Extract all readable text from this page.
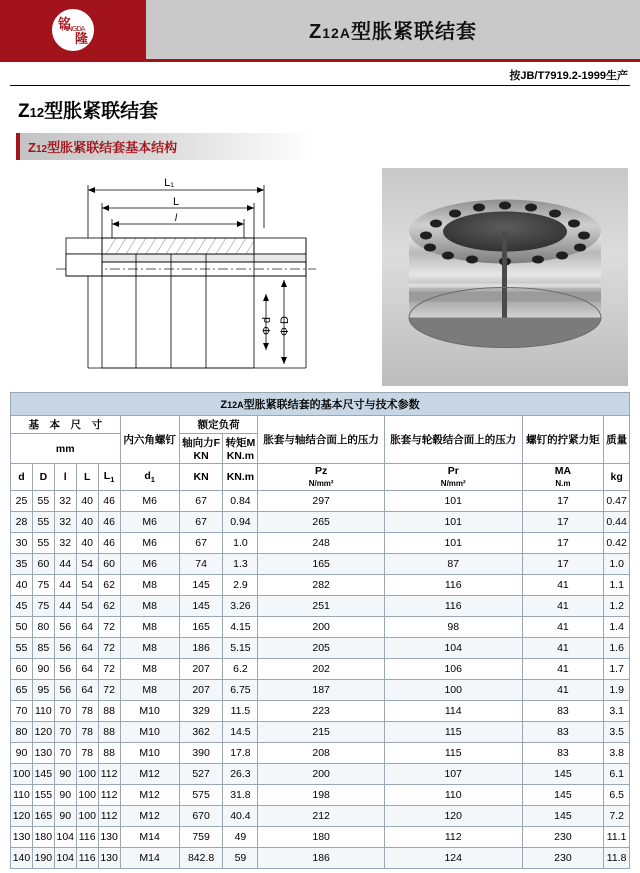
MINGDA
铭
隆	Z12A型胀紧联结套
按JB/T7919.2-1999生产
Z12型胀紧联结套
Z12型胀紧联结套基本结构
L₁
L
l
Φ D
Φ d
Z12A型胀紧联结套的基本尺寸与技术参数											
基　本　尺　寸					内六角螺钉	额定负荷		胀套与轴结合面上的压力	胀套与轮毂结合面上的压力	螺钉的拧紧力矩	质量
mm						轴向力F
KN	转矩M
KN.m				
d	D	l	L	$L_1$	$d_1$	KN	KN.m	Pz
N/mm²	Pr
N/mm²	MA
N.m	kg
25	55	32	40	46	M6	67	0.84	297	101	17	0.47
28	55	32	40	46	M6	67	0.94	265	101	17	0.44
30	55	32	40	46	M6	67	1.0	248	101	17	0.42
35	60	44	54	60	M6	74	1.3	165	87	17	1.0
40	75	44	54	62	M8	145	2.9	282	116	41	1.1
45	75	44	54	62	M8	145	3.26	251	116	41	1.2
50	80	56	64	72	M8	165	4.15	200	98	41	1.4
55	85	56	64	72	M8	186	5.15	205	104	41	1.6
60	90	56	64	72	M8	207	6.2	202	106	41	1.7
65	95	56	64	72	M8	207	6.75	187	100	41	1.9
70	110	70	78	88	M10	329	11.5	223	114	83	3.1
80	120	70	78	88	M10	362	14.5	215	115	83	3.5
90	130	70	78	88	M10	390	17.8	208	115	83	3.8
100	145	90	100	112	M12	527	26.3	200	107	145	6.1
110	155	90	100	112	M12	575	31.8	198	110	145	6.5
120	165	90	100	112	M12	670	40.4	212	120	145	7.2
130	180	104	116	130	M14	759	49	180	112	230	11.1
140	190	104	116	130	M14	842.8	59	186	124	230	11.8
